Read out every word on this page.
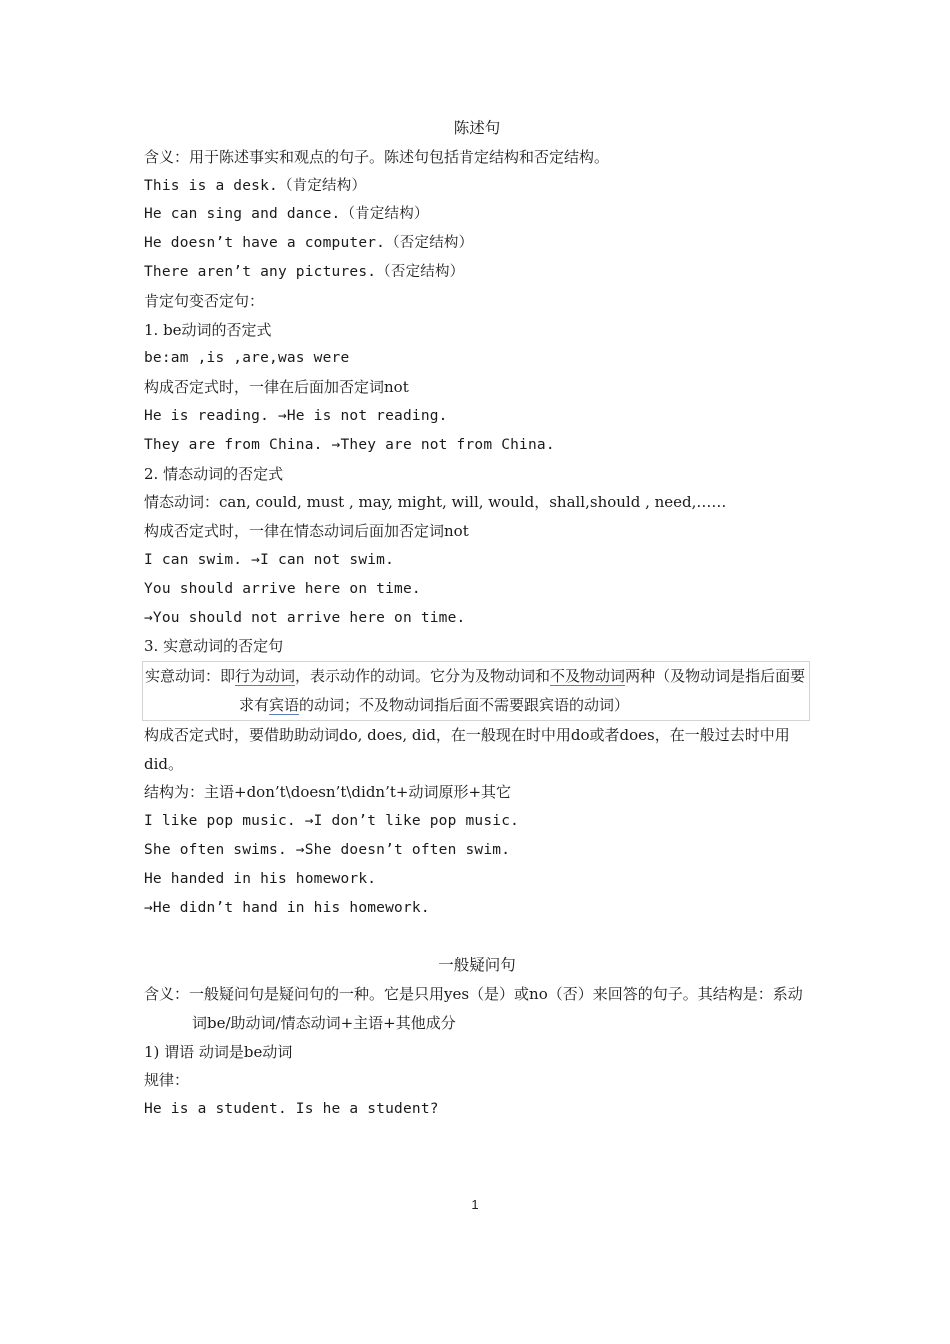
陈述句
含义：用于陈述事实和观点的句子。陈述句包括肯定结构和否定结构。
This is a desk.（肯定结构）
He can sing and dance.（肯定结构）
He doesn’t have a computer.（否定结构）
There aren’t any pictures.（否定结构）
肯定句变否定句：
1. be动词的否定式
be:am ,is ,are,was were
构成否定式时，一律在后面加否定词not
He is reading. →He is not reading.
They are from China. →They are not from China.
2. 情态动词的否定式
情态动词：can, could, must , may, might, will, would，shall,should , need,……
构成否定式时，一律在情态动词后面加否定词not
I can swim. →I can not swim.
You should arrive here on time.
→You should not arrive here on time.
3. 实意动词的否定句
实意动词：即行为动词，表示动作的动词。它分为及物动词和不及物动词两种（及物动词是指后面要求有宾语的动词；不及物动词指后面不需要跟宾语的动词）
构成否定式时，要借助助动词do, does, did，在一般现在时中用do或者does，在一般过去时中用did。
结构为：主语+don’t\doesn’t\didn’t+动词原形+其它
I like pop music. →I don’t like pop music.
She often swims. →She doesn’t often swim.
He handed in his homework.
→He didn’t hand in his homework.
一般疑问句
含义：一般疑问句是疑问句的一种。它是只用yes（是）或no（否）来回答的句子。其结构是：系动词be/助动词/情态动词+主语+其他成分
1) 谓语 动词是be动词
规律：
He is a student. Is he a student?
1
